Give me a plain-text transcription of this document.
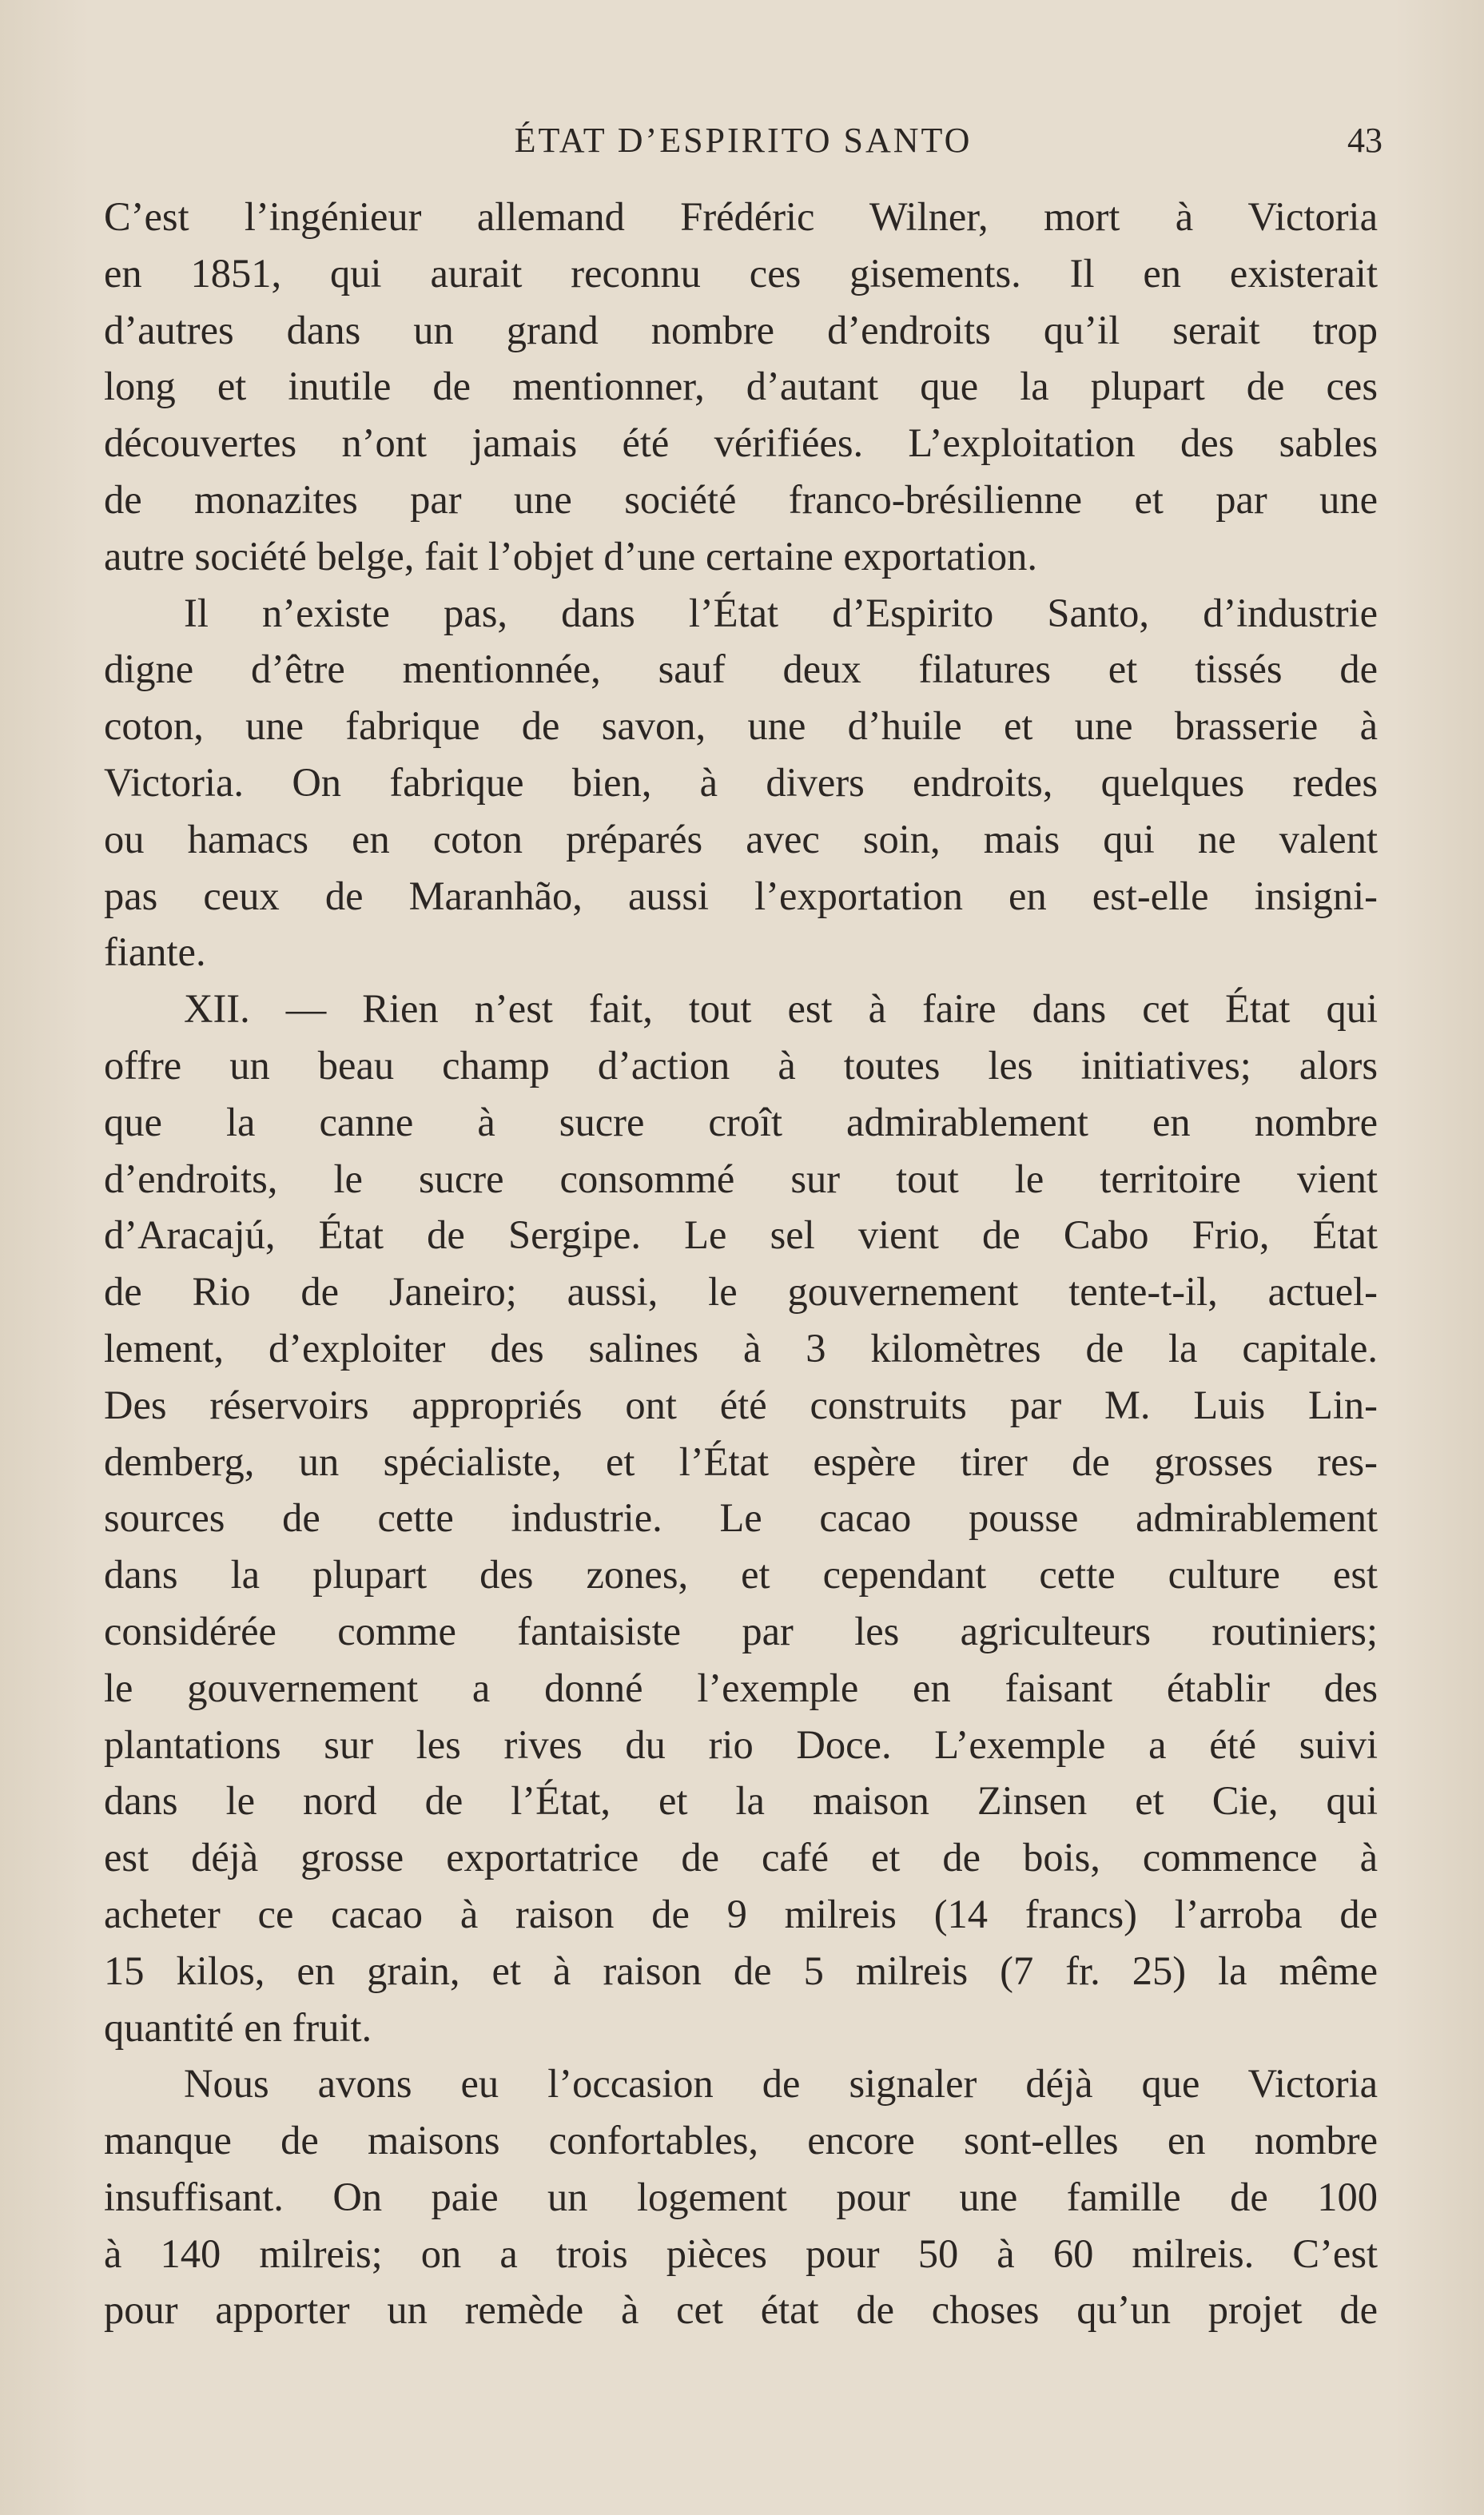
ÉTAT D’ESPIRITO SANTO	43
C’est l’ingénieur allemand Frédéric Wilner, mort à Victoria
en 1851, qui aurait reconnu ces gisements. Il en existerait
d’autres dans un grand nombre d’endroits qu’il serait trop
long et inutile de mentionner, d’autant que la plupart de ces
découvertes n’ont jamais été vérifiées. L’exploitation des sables
de monazites par une société franco-brésilienne et par une
autre société belge, fait l’objet d’une certaine exportation.
Il n’existe pas, dans l’État d’Espirito Santo, d’industrie
digne d’être mentionnée, sauf deux filatures et tissés de
coton, une fabrique de savon, une d’huile et une brasserie à
Victoria. On fabrique bien, à divers endroits, quelques redes
ou hamacs en coton préparés avec soin, mais qui ne valent
pas ceux de Maranhão, aussi l’exportation en est-elle insigni-
fiante.
XII. — Rien n’est fait, tout est à faire dans cet État qui
offre un beau champ d’action à toutes les initiatives; alors
que la canne à sucre croît admirablement en nombre
d’endroits, le sucre consommé sur tout le territoire vient
d’Aracajú, État de Sergipe. Le sel vient de Cabo Frio, État
de Rio de Janeiro; aussi, le gouvernement tente-t-il, actuel-
lement, d’exploiter des salines à 3 kilomètres de la capitale.
Des réservoirs appropriés ont été construits par M. Luis Lin-
demberg, un spécialiste, et l’État espère tirer de grosses res-
sources de cette industrie. Le cacao pousse admirablement
dans la plupart des zones, et cependant cette culture est
considérée comme fantaisiste par les agriculteurs routiniers;
le gouvernement a donné l’exemple en faisant établir des
plantations sur les rives du rio Doce. L’exemple a été suivi
dans le nord de l’État, et la maison Zinsen et Cie, qui
est déjà grosse exportatrice de café et de bois, commence à
acheter ce cacao à raison de 9 milreis (14 francs) l’arroba de
15 kilos, en grain, et à raison de 5 milreis (7 fr. 25) la même
quantité en fruit.
Nous avons eu l’occasion de signaler déjà que Victoria
manque de maisons confortables, encore sont-elles en nombre
insuffisant. On paie un logement pour une famille de 100
à 140 milreis; on a trois pièces pour 50 à 60 milreis. C’est
pour apporter un remède à cet état de choses qu’un projet de
